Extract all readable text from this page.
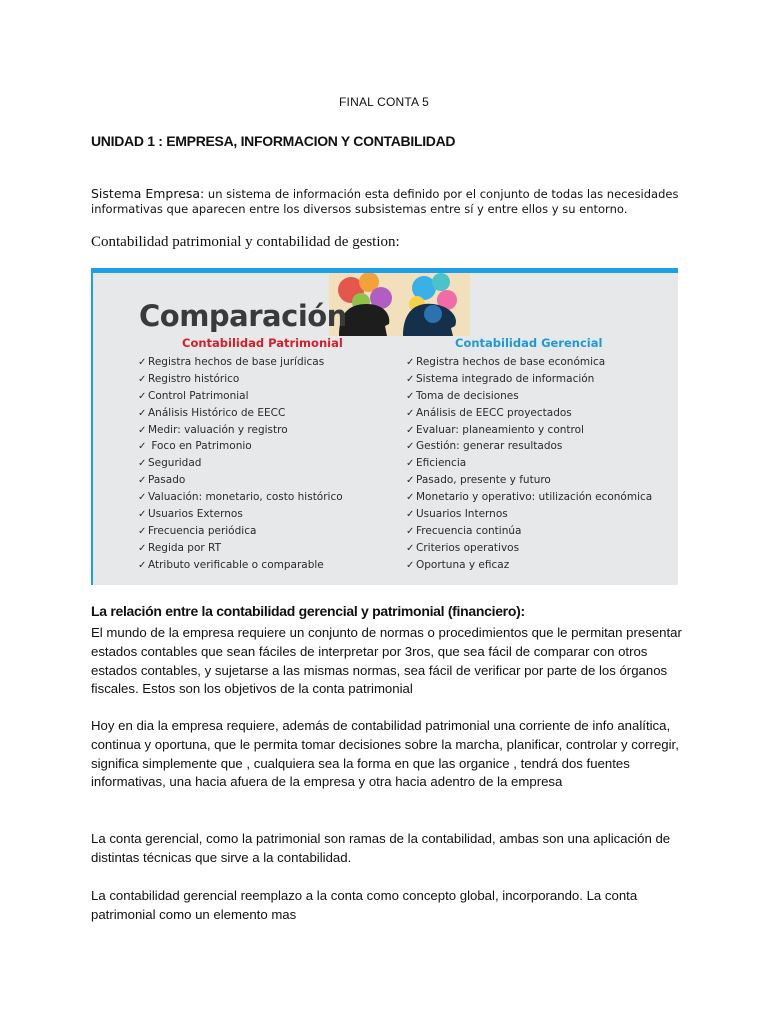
FINAL CONTA 5
UNIDAD 1 : EMPRESA, INFORMACION Y CONTABILIDAD
Sistema Empresa: un sistema de información esta definido por el conjunto de todas las necesidades informativas que aparecen entre los diversos subsistemas entre sí y entre ellos y su entorno.
Contabilidad patrimonial y contabilidad de gestion:
Comparación
Contabilidad Patrimonial	Contabilidad Gerencial
✓ Registra hechos de base jurídicas
✓ Registro histórico
✓ Control Patrimonial
✓ Análisis Histórico de EECC
✓ Medir: valuación y registro
✓ Foco en Patrimonio
✓ Seguridad
✓ Pasado
✓ Valuación: monetario, costo histórico
✓ Usuarios Externos
✓ Frecuencia periódica
✓ Regida por RT
✓ Atributo verificable o comparable
✓ Registra hechos de base económica
✓ Sistema integrado de información
✓ Toma de decisiones
✓ Análisis de EECC proyectados
✓ Evaluar: planeamiento y control
✓ Gestión: generar resultados
✓ Eficiencia
✓ Pasado, presente y futuro
✓ Monetario y operativo: utilización económica
✓ Usuarios Internos
✓ Frecuencia continúa
✓ Criterios operativos
✓ Oportuna y eficaz
La relación entre la contabilidad gerencial y patrimonial (financiero):

El mundo de la empresa requiere un conjunto de normas o procedimientos que le permitan presentar estados contables que sean fáciles de interpretar por 3ros, que sea fácil de comparar con otros estados contables, y sujetarse a las mismas normas, sea fácil de verificar por parte de los órganos fiscales. Estos son los objetivos de la conta patrimonial

Hoy en dia la empresa requiere, además de contabilidad patrimonial una corriente de info analítica, continua y oportuna, que le permita tomar decisiones sobre la marcha, planificar, controlar y corregir, significa simplemente que , cualquiera sea la forma en que las organice , tendrá dos fuentes informativas, una hacia afuera de la empresa y otra hacia adentro de la empresa

La conta gerencial, como la patrimonial son ramas de la contabilidad, ambas son una aplicación de distintas técnicas que sirve a la contabilidad.

La contabilidad gerencial reemplazo a la conta como concepto global, incorporando. La conta patrimonial como un elemento mas
